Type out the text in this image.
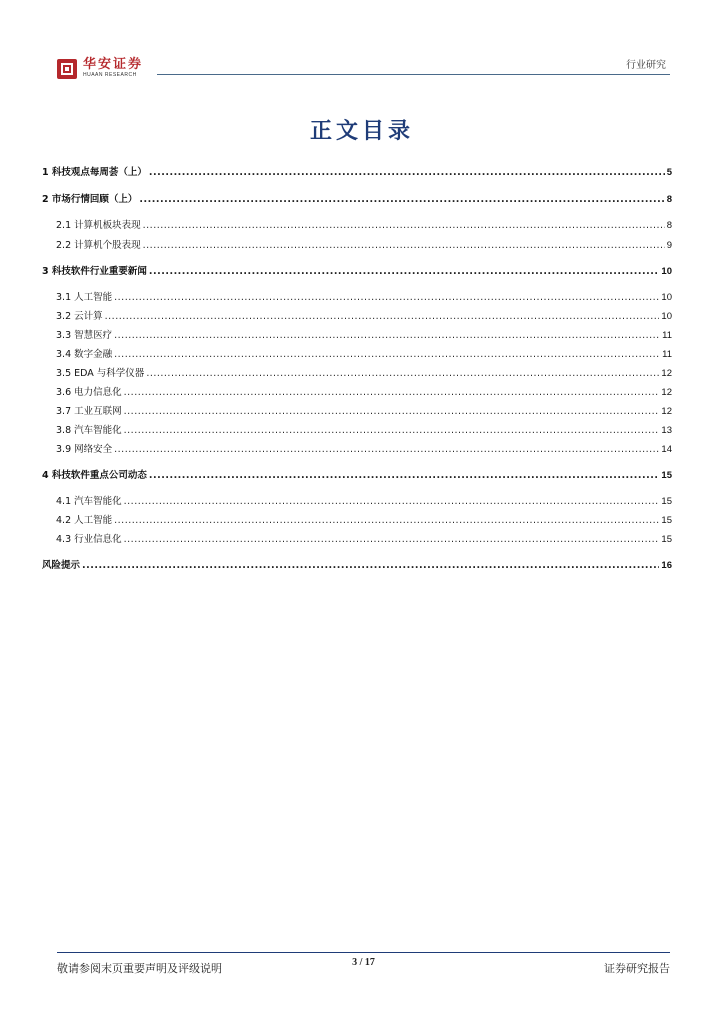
华安证券
HUAAN RESEARCH
行业研究
正文目录
1 科技观点每周荟（上） .....	5
2 市场行情回顾（上） .....	8
2.1 计算机板块表现 .....	8
2.2 计算机个股表现 .....	9
3 科技软件行业重要新闻 .....	10
3.1 人工智能 .....	10
3.2 云计算 .....	10
3.3 智慧医疗 .....	11
3.4 数字金融 .....	11
3.5 EDA 与科学仪器 .....	12
3.6 电力信息化 .....	12
3.7 工业互联网 .....	12
3.8 汽车智能化 .....	13
3.9 网络安全 .....	14
4 科技软件重点公司动态 .....	15
4.1 汽车智能化 .....	15
4.2 人工智能 .....	15
4.3 行业信息化 .....	15
风险提示 .....	16
敬请参阅末页重要声明及评级说明	3 / 17	证券研究报告
